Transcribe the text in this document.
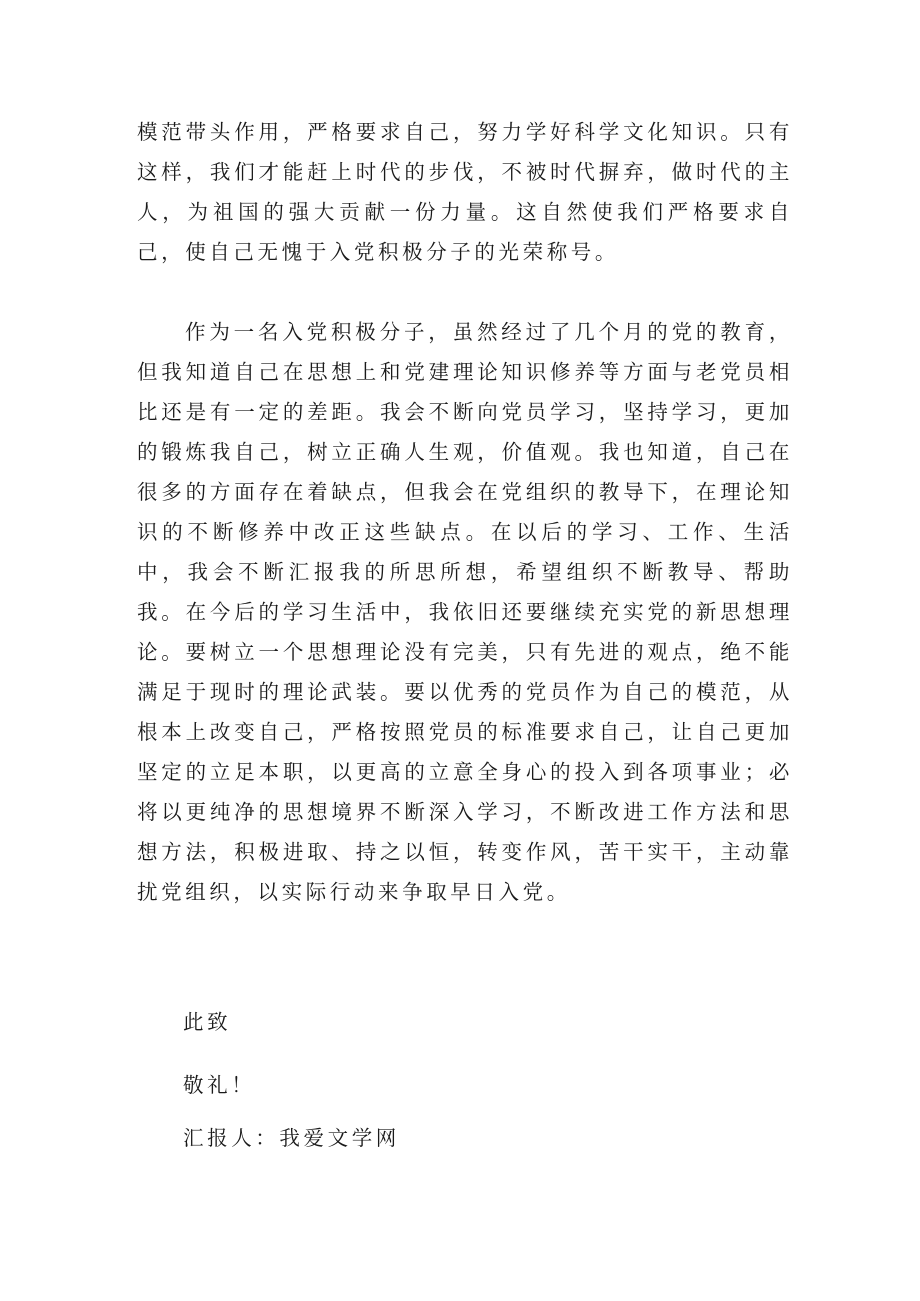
模范带头作用，严格要求自己，努力学好科学文化知识。只有这样，我们才能赶上时代的步伐，不被时代摒弃，做时代的主人，为祖国的强大贡献一份力量。这自然使我们严格要求自己，使自己无愧于入党积极分子的光荣称号。
作为一名入党积极分子，虽然经过了几个月的党的教育，但我知道自己在思想上和党建理论知识修养等方面与老党员相比还是有一定的差距。我会不断向党员学习，坚持学习，更加的锻炼我自己，树立正确人生观，价值观。我也知道，自己在很多的方面存在着缺点，但我会在党组织的教导下，在理论知识的不断修养中改正这些缺点。在以后的学习、工作、生活中，我会不断汇报我的所思所想，希望组织不断教导、帮助我。在今后的学习生活中，我依旧还要继续充实党的新思想理论。要树立一个思想理论没有完美，只有先进的观点，绝不能满足于现时的理论武装。要以优秀的党员作为自己的模范，从根本上改变自己，严格按照党员的标准要求自己，让自己更加坚定的立足本职，以更高的立意全身心的投入到各项事业；必将以更纯净的思想境界不断深入学习，不断改进工作方法和思想方法，积极进取、持之以恒，转变作风，苦干实干，主动靠扰党组织，以实际行动来争取早日入党。
此致
敬礼！
汇报人：我爱文学网
